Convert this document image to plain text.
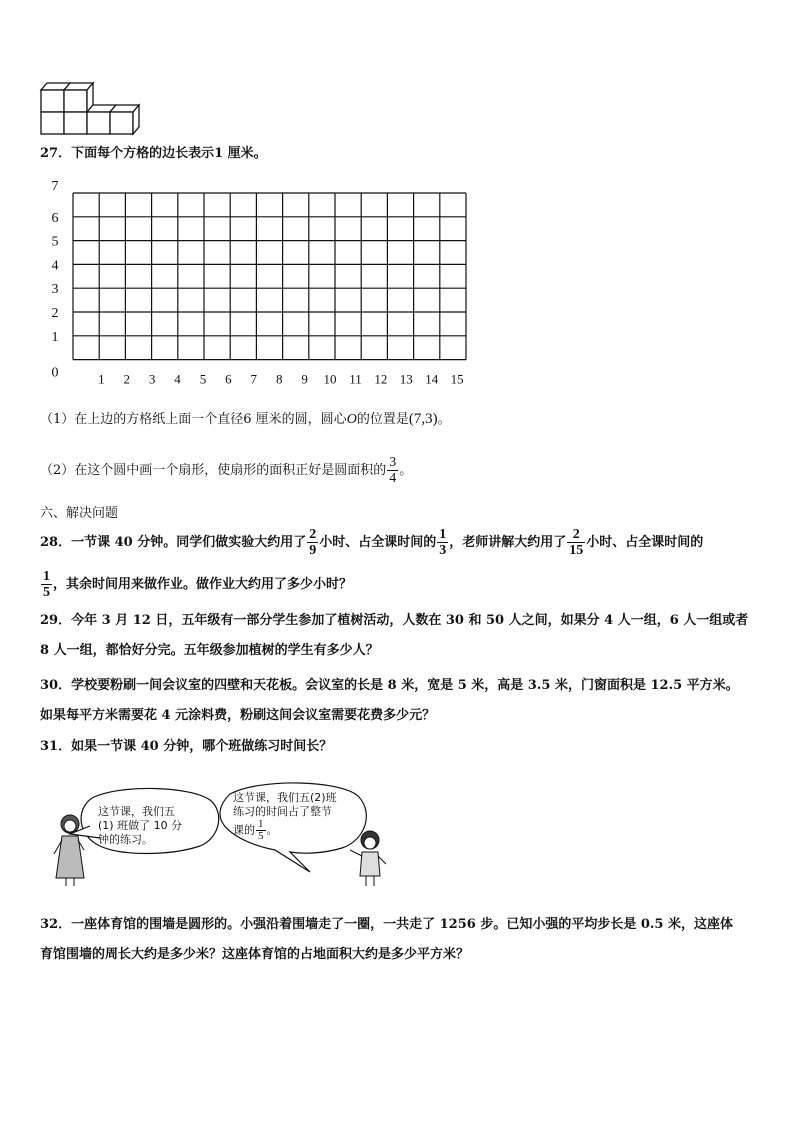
27．下面每个方格的边长表示1 厘米。
0
1
2
3
4
5
6
7
1 2 3 4 5 6 7 8 9 10 11 12 13 14 15
（1）在上边的方格纸上面一个直径6 厘米的圆，圆心O的位置是(7,3)。
（2）在这个圆中画一个扇形，使扇形的面积正好是圆面积的 $\frac{3}{4}$ 。
六、解决问题
28．一节课 40 分钟。同学们做实验大约用了 $\frac{2}{9}$ 小时、占全课时间的 $\frac{1}{3}$ ，老师讲解大约用了 $\frac{2}{15}$ 小时、占全课时间的
$\frac{1}{5}$ ，其余时间用来做作业。做作业大约用了多少小时？
29．今年 3 月 12 日，五年级有一部分学生参加了植树活动，人数在 30 和 50 人之间，如果分 4 人一组，6 人一组或者
8 人一组，都恰好分完。五年级参加植树的学生有多少人？
30．学校要粉刷一间会议室的四壁和天花板。会议室的长是 8 米，宽是 5 米，高是 3.5 米，门窗面积是 12.5 平方米。
如果每平方米需要花 4 元涂料费，粉刷这间会议室需要花费多少元？
31．如果一节课 40 分钟，哪个班做练习时间长？
这节课，我们五
(1) 班做了 10 分
钟的练习。
这节课，我们五(2)班
练习的时间占了整节
课的 $\frac{1}{5}$ 。
32．一座体育馆的围墙是圆形的。小强沿着围墙走了一圈，一共走了 1256 步。已知小强的平均步长是 0.5 米，这座体
育馆围墙的周长大约是多少米？这座体育馆的占地面积大约是多少平方米？
